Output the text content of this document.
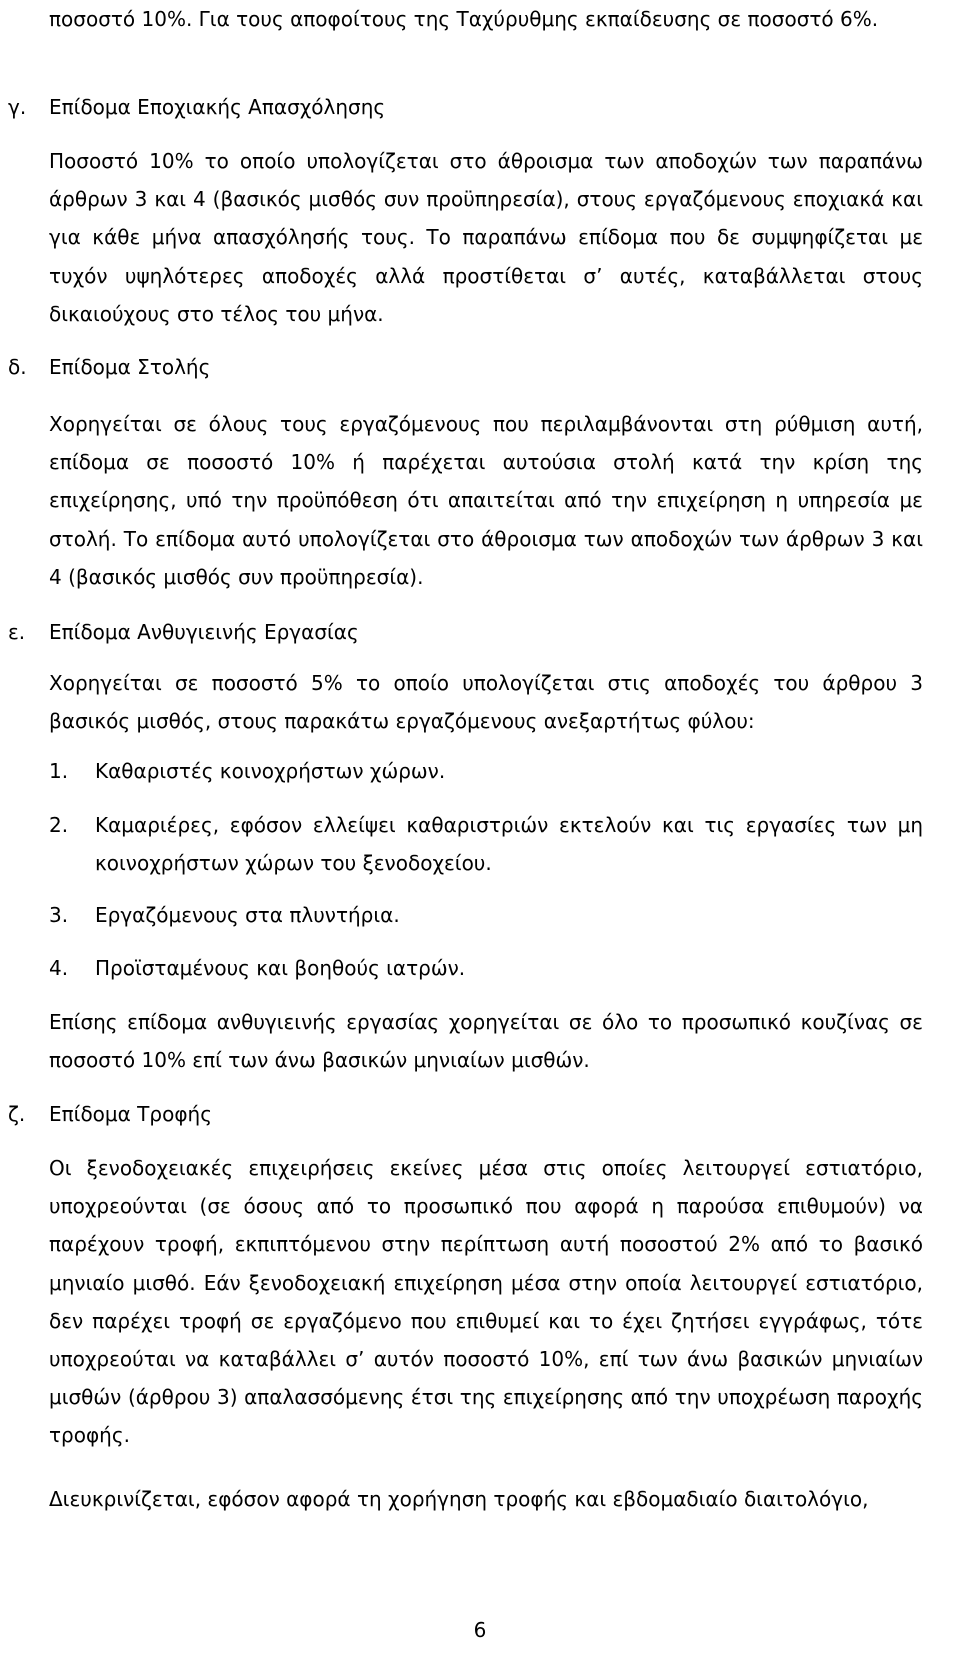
ποσοστό 10%. Για τους αποφοίτους της Ταχύρυθμης εκπαίδευσης σε ποσοστό 6%.

γ. Επίδομα Εποχιακής Απασχόλησης

Ποσοστό 10% το οποίο υπολογίζεται στο άθροισμα των αποδοχών των παραπάνω άρθρων 3 και 4 (βασικός μισθός συν προϋπηρεσία), στους εργαζόμενους εποχιακά και για κάθε μήνα απασχόλησής τους. Το παραπάνω επίδομα που δε συμψηφίζεται με τυχόν υψηλότερες αποδοχές αλλά προστίθεται σ’ αυτές, καταβάλλεται στους δικαιούχους στο τέλος του μήνα.

δ. Επίδομα Στολής

Χορηγείται σε όλους τους εργαζόμενους που περιλαμβάνονται στη ρύθμιση αυτή, επίδομα σε ποσοστό 10% ή παρέχεται αυτούσια στολή κατά την κρίση της επιχείρησης, υπό την προϋπόθεση ότι απαιτείται από την επιχείρηση η υπηρεσία με στολή. Το επίδομα αυτό υπολογίζεται στο άθροισμα των αποδοχών των άρθρων 3 και 4 (βασικός μισθός συν προϋπηρεσία).

ε. Επίδομα Ανθυγιεινής Εργασίας

Χορηγείται σε ποσοστό 5% το οποίο υπολογίζεται στις αποδοχές του άρθρου 3 βασικός μισθός, στους παρακάτω εργαζόμενους ανεξαρτήτως φύλου:

1. Καθαριστές κοινοχρήστων χώρων.
2. Καμαριέρες, εφόσον ελλείψει καθαριστριών εκτελούν και τις εργασίες των μη κοινοχρήστων χώρων του ξενοδοχείου.
3. Εργαζόμενους στα πλυντήρια.
4. Προϊσταμένους και βοηθούς ιατρών.

Επίσης επίδομα ανθυγιεινής εργασίας χορηγείται σε όλο το προσωπικό κουζίνας σε ποσοστό 10% επί των άνω βασικών μηνιαίων μισθών.

ζ. Επίδομα Τροφής

Οι ξενοδοχειακές επιχειρήσεις εκείνες μέσα στις οποίες λειτουργεί εστιατόριο, υποχρεούνται (σε όσους από το προσωπικό που αφορά η παρούσα επιθυμούν) να παρέχουν τροφή, εκπιπτόμενου στην περίπτωση αυτή ποσοστού 2% από το βασικό μηνιαίο μισθό. Εάν ξενοδοχειακή επιχείρηση μέσα στην οποία λειτουργεί εστιατόριο, δεν παρέχει τροφή σε εργαζόμενο που επιθυμεί και το έχει ζητήσει εγγράφως, τότε υποχρεούται να καταβάλλει σ’ αυτόν ποσοστό 10%, επί των άνω βασικών μηνιαίων μισθών (άρθρου 3) απαλασσόμενης έτσι της επιχείρησης από την υποχρέωση παροχής τροφής.

Διευκρινίζεται, εφόσον αφορά τη χορήγηση τροφής και εβδομαδιαίο διαιτολόγιο,

6
